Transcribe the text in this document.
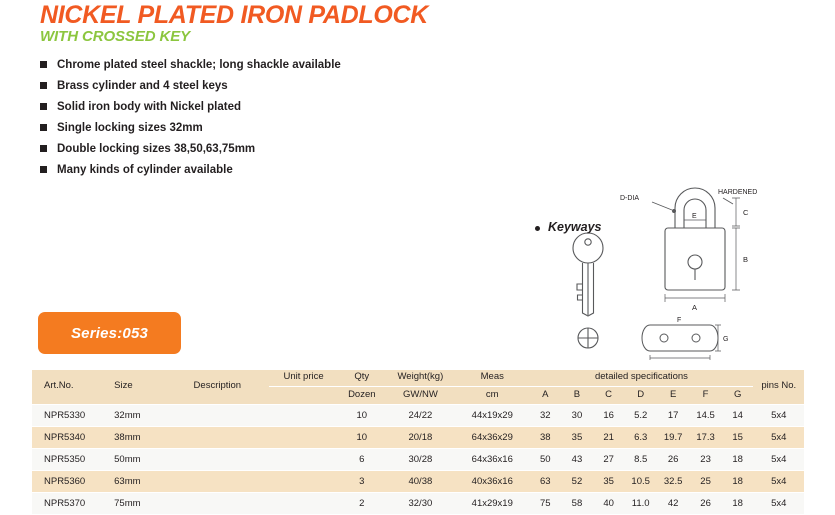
NICKEL PLATED IRON PADLOCK
WITH CROSSED KEY
Chrome plated steel shackle; long shackle available
Brass cylinder and 4 steel keys
Solid iron body with Nickel plated
Single locking sizes 32mm
Double locking sizes 38,50,63,75mm
Many kinds of cylinder available
Series:053
Keyways
D-DIA
HARDENED
A
B
C
E
F
G
Art.No.	Size	Description	Unit price	Qty	Weight(kg)	Meas	detailed specifications							pins No.
				Dozen	GW/NW	cm	A	B	C	D	E	F	G	
NPR5330	32mm			10	24/22	44x19x29	32	30	16	5.2	17	14.5	14	5x4
NPR5340	38mm			10	20/18	64x36x29	38	35	21	6.3	19.7	17.3	15	5x4
NPR5350	50mm			6	30/28	64x36x16	50	43	27	8.5	26	23	18	5x4
NPR5360	63mm			3	40/38	40x36x16	63	52	35	10.5	32.5	25	18	5x4
NPR5370	75mm			2	32/30	41x29x19	75	58	40	11.0	42	26	18	5x4
